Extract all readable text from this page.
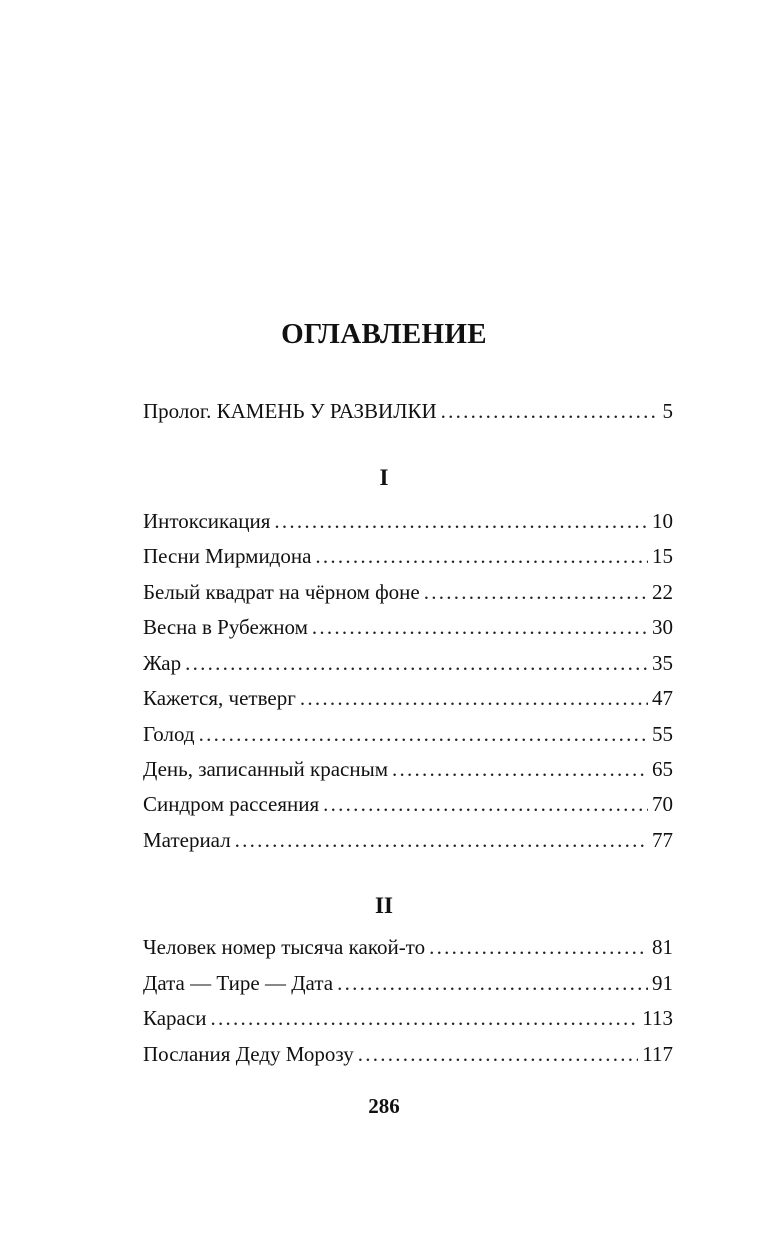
ОГЛАВЛЕНИЕ
Пролог. КАМЕНЬ У РАЗВИЛКИ . . .	5
I
Интоксикация . . .	10
Песни Мирмидона . . .	15
Белый квадрат на чёрном фоне . . .	22
Весна в Рубежном . . .	30
Жар . . .	35
Кажется, четверг . . .	47
Голод . . .	55
День, записанный красным . . .	65
Синдром рассеяния . . .	70
Материал . . .	77
II
Человек номер тысяча какой-то . . .	81
Дата — Тире — Дата . . .	91
Караси . . .	113
Послания Деду Морозу . . .	117
286
